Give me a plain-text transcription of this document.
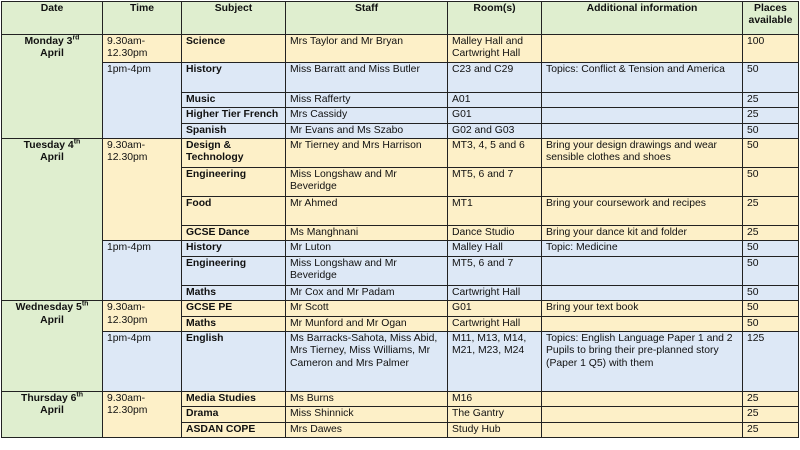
Date	Time	Subject	Staff	Room(s)	Additional information	Places available
Monday 3rd
April	9.30am-12.30pm	Science	Mrs Taylor and Mr Bryan	Malley Hall and Cartwright Hall		100
	1pm-4pm	History	Miss Barratt and Miss Butler	C23 and C29	Topics: Conflict & Tension and America	50
		Music	Miss Rafferty	A01		25
		Higher Tier French	Mrs Cassidy	G01		25
		Spanish	Mr Evans and Ms Szabo	G02 and G03		50
Tuesday 4th
April	9.30am-12.30pm	Design & Technology	Mr Tierney and Mrs Harrison	MT3, 4, 5 and 6	Bring your design drawings and wear sensible clothes and shoes	50
		Engineering	Miss Longshaw and Mr Beveridge	MT5, 6 and 7		50
		Food	Mr Ahmed	MT1	Bring your coursework and recipes	25
		GCSE Dance	Ms Manghnani	Dance Studio	Bring your dance kit and folder	25
	1pm-4pm	History	Mr Luton	Malley Hall	Topic: Medicine	50
		Engineering	Miss Longshaw and Mr Beveridge	MT5, 6 and 7		50
		Maths	Mr Cox and Mr Padam	Cartwright Hall		50
Wednesday 5th
April	9.30am-12.30pm	GCSE PE	Mr Scott	G01	Bring your text book	50
		Maths	Mr Munford and Mr Ogan	Cartwright Hall		50
	1pm-4pm	English	Ms Barracks-Sahota, Miss Abid, Mrs Tierney, Miss Williams, Mr Cameron and Mrs Palmer	M11, M13, M14, M21, M23, M24	Topics: English Language Paper 1 and 2
Pupils to bring their pre-planned story (Paper 1 Q5) with them	125
Thursday 6th
April	9.30am-12.30pm	Media Studies	Ms Burns	M16		25
		Drama	Miss Shinnick	The Gantry		25
		ASDAN COPE	Mrs Dawes	Study Hub		25
